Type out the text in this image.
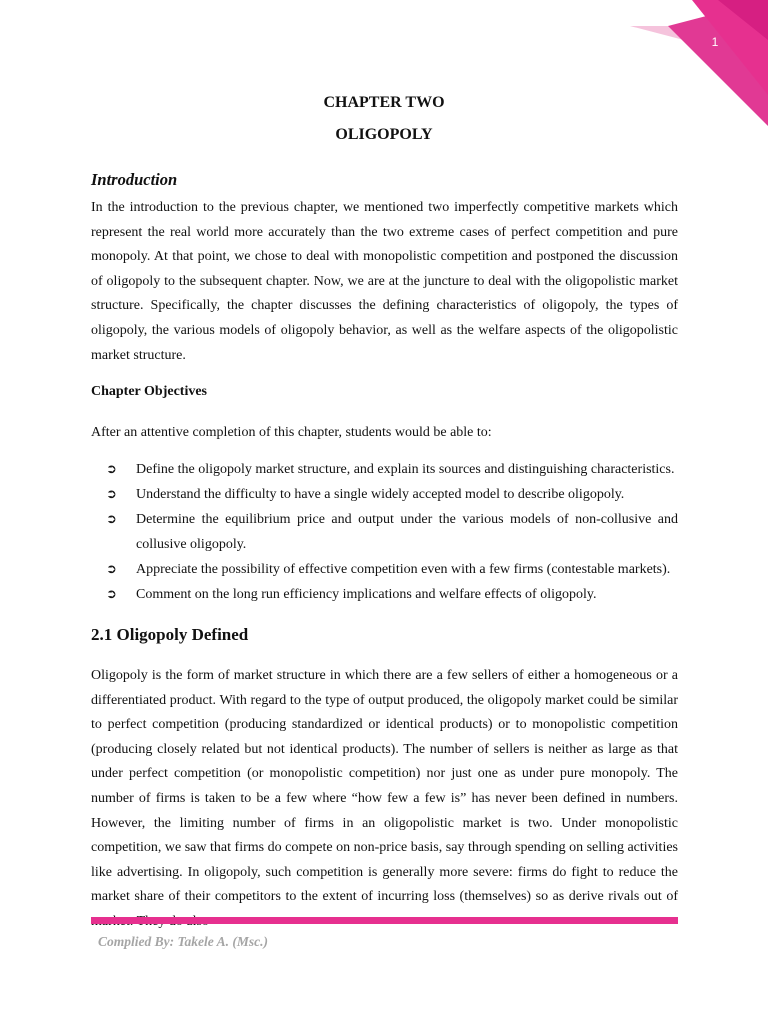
1
CHAPTER TWO
OLIGOPOLY
Introduction

In the introduction to the previous chapter, we mentioned two imperfectly competitive markets which represent the real world more accurately than the two extreme cases of perfect competition and pure monopoly. At that point, we chose to deal with monopolistic competition and postponed the discussion of oligopoly to the subsequent chapter. Now, we are at the juncture to deal with the oligopolistic market structure. Specifically, the chapter discusses the defining characteristics of oligopoly, the types of oligopoly, the various models of oligopoly behavior, as well as the welfare aspects of the oligopolistic market structure.

Chapter Objectives

After an attentive completion of this chapter, students would be able to:

➲ Define the oligopoly market structure, and explain its sources and distinguishing characteristics.
➲ Understand the difficulty to have a single widely accepted model to describe oligopoly.
➲ Determine the equilibrium price and output under the various models of non-collusive and collusive oligopoly.
➲ Appreciate the possibility of effective competition even with a few firms (contestable markets).
➲ Comment on the long run efficiency implications and welfare effects of oligopoly.
2.1 Oligopoly Defined

Oligopoly is the form of market structure in which there are a few sellers of either a homogeneous or a differentiated product. With regard to the type of output produced, the oligopoly market could be similar to perfect competition (producing standardized or identical products) or to monopolistic competition (producing closely related but not identical products). The number of sellers is neither as large as that under perfect competition (or monopolistic competition) nor just one as under pure monopoly. The number of firms is taken to be a few where “how few a few is” has never been defined in numbers. However, the limiting number of firms in an oligopolistic market is two. Under monopolistic competition, we saw that firms do compete on non-price basis, say through spending on selling activities like advertising. In oligopoly, such competition is generally more severe: firms do fight to reduce the market share of their competitors to the extent of incurring loss (themselves) so as derive rivals out of

Complied By: Takele A. (Msc.)
